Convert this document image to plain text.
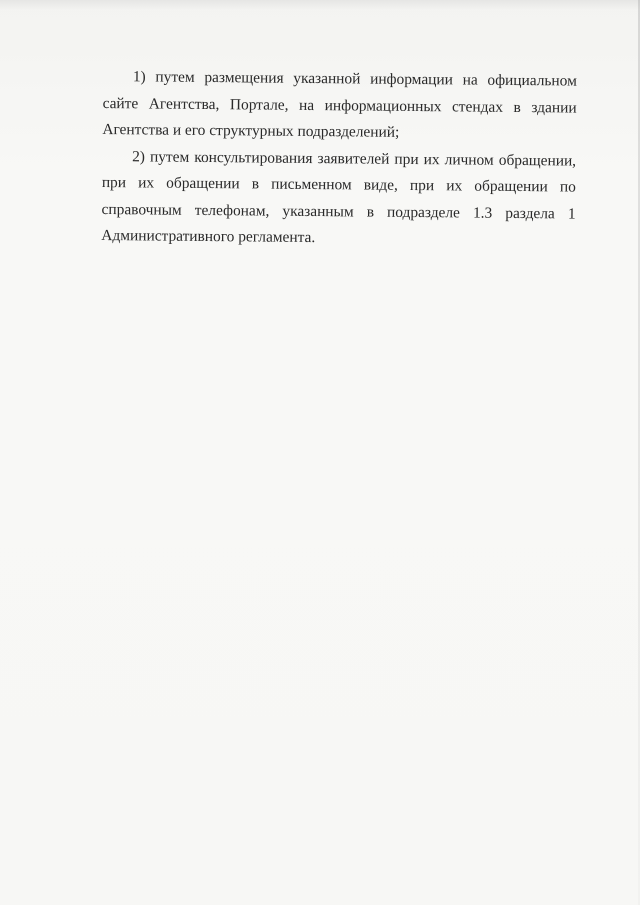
1) путем размещения указанной информации на официальном сайте Агентства, Портале, на информационных стендах в здании Агентства и его структурных подразделений;

2) путем консультирования заявителей при их личном обращении, при их обращении в письменном виде, при их обращении по справочным телефонам, указанным в подразделе 1.3 раздела 1 Административного регламента.
